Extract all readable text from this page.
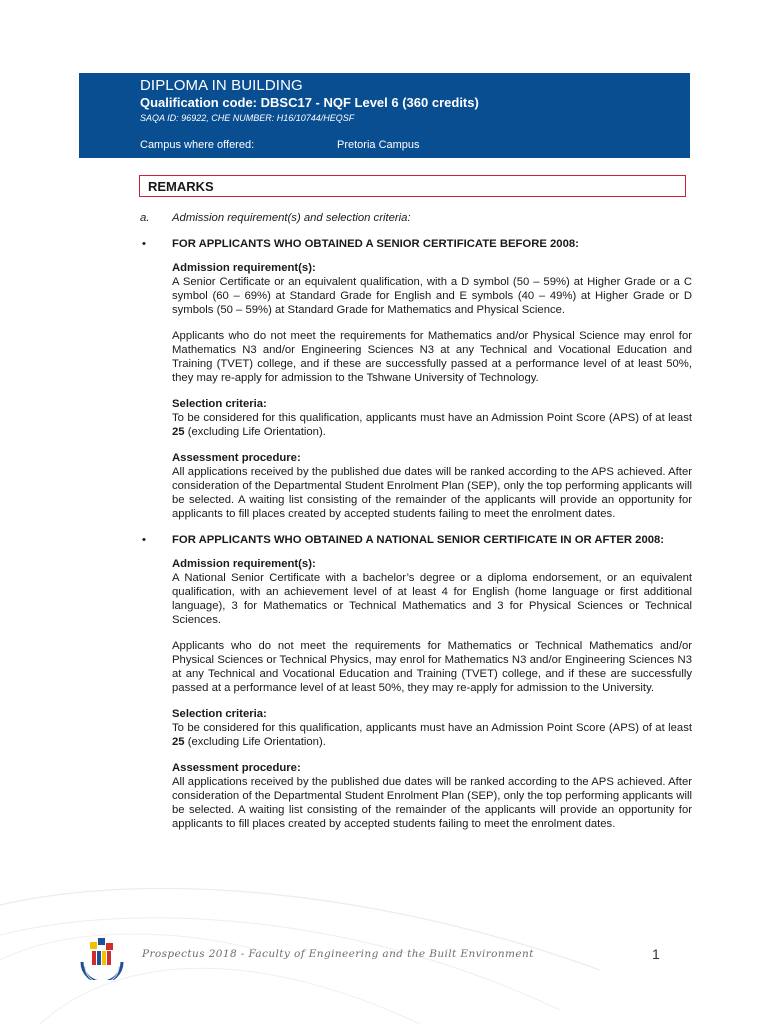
DIPLOMA IN BUILDING
Qualification code: DBSC17 - NQF Level 6 (360 credits)
SAQA ID: 96922, CHE NUMBER: H16/10744/HEQSF
Campus where offered:	Pretoria Campus
REMARKS
a. Admission requirement(s) and selection criteria:
• FOR APPLICANTS WHO OBTAINED A SENIOR CERTIFICATE BEFORE 2008:
Admission requirement(s):
A Senior Certificate or an equivalent qualification, with a D symbol (50 – 59%) at Higher Grade or a C symbol (60 – 69%) at Standard Grade for English and E symbols (40 – 49%) at Higher Grade or D symbols (50 – 59%) at Standard Grade for Mathematics and Physical Science.
Applicants who do not meet the requirements for Mathematics and/or Physical Science may enrol for Mathematics N3 and/or Engineering Sciences N3 at any Technical and Vocational Education and Training (TVET) college, and if these are successfully passed at a performance level of at least 50%, they may re-apply for admission to the Tshwane University of Technology.
Selection criteria:
To be considered for this qualification, applicants must have an Admission Point Score (APS) of at least 25 (excluding Life Orientation).
Assessment procedure:
All applications received by the published due dates will be ranked according to the APS achieved. After consideration of the Departmental Student Enrolment Plan (SEP), only the top performing applicants will be selected. A waiting list consisting of the remainder of the applicants will provide an opportunity for applicants to fill places created by accepted students failing to meet the enrolment dates.
• FOR APPLICANTS WHO OBTAINED A NATIONAL SENIOR CERTIFICATE IN OR AFTER 2008:
Admission requirement(s):
A National Senior Certificate with a bachelor’s degree or a diploma endorsement, or an equivalent qualification, with an achievement level of at least 4 for English (home language or first additional language), 3 for Mathematics or Technical Mathematics and 3 for Physical Sciences or Technical Sciences.
Applicants who do not meet the requirements for Mathematics or Technical Mathematics and/or Physical Sciences or Technical Physics, may enrol for Mathematics N3 and/or Engineering Sciences N3 at any Technical and Vocational Education and Training (TVET) college, and if these are successfully passed at a performance level of at least 50%, they may re-apply for admission to the University.
Selection criteria:
To be considered for this qualification, applicants must have an Admission Point Score (APS) of at least 25 (excluding Life Orientation).
Assessment procedure:
All applications received by the published due dates will be ranked according to the APS achieved. After consideration of the Departmental Student Enrolment Plan (SEP), only the top performing applicants will be selected. A waiting list consisting of the remainder of the applicants will provide an opportunity for applicants to fill places created by accepted students failing to meet the enrolment dates.
Prospectus 2018 - Faculty of Engineering and the Built Environment	1
